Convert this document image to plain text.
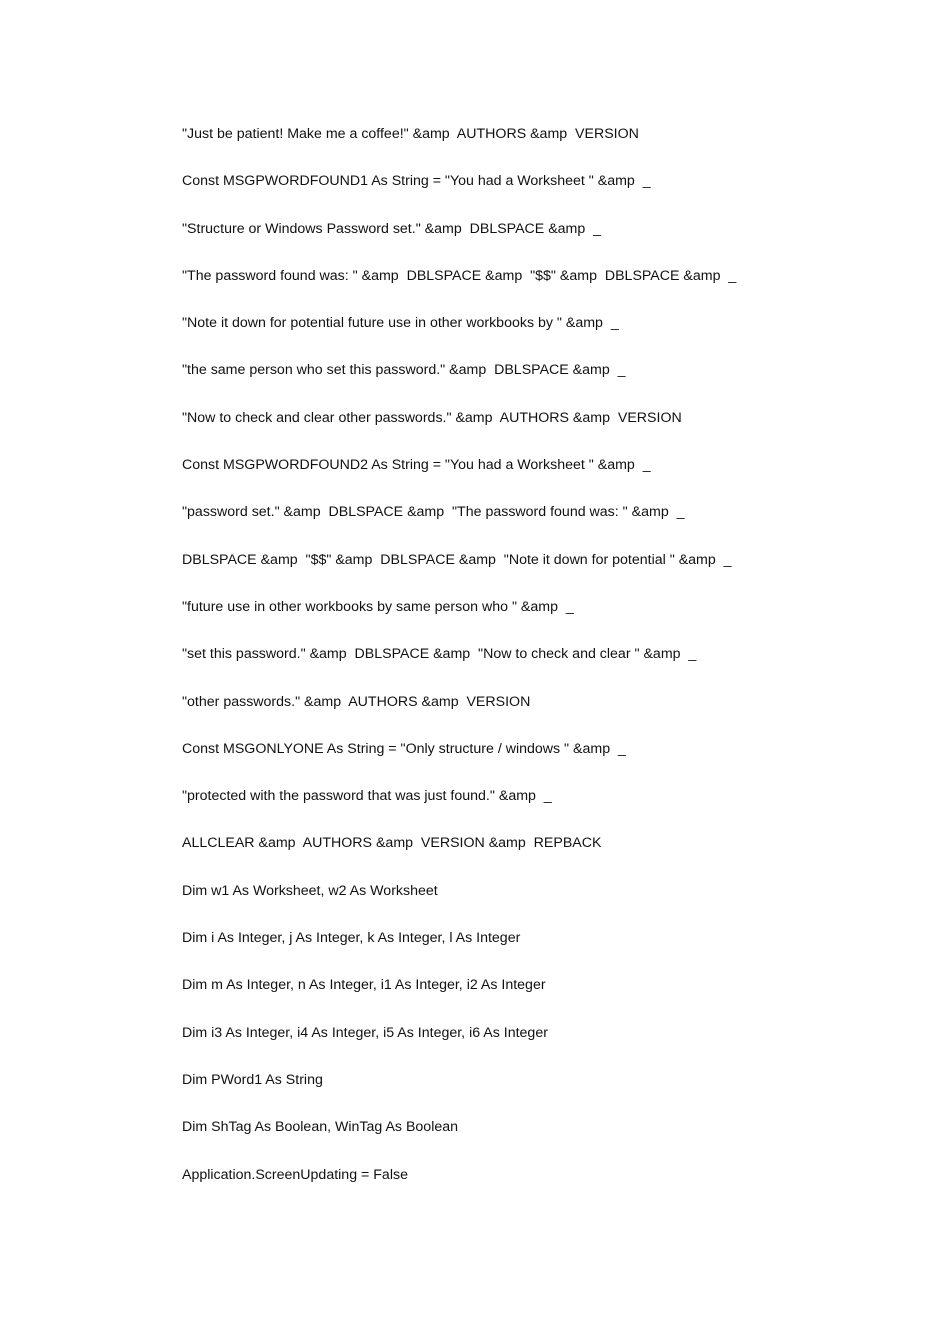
"Just be patient! Make me a coffee!" &amp  AUTHORS &amp  VERSION
Const MSGPWORDFOUND1 As String = "You had a Worksheet " &amp  _
"Structure or Windows Password set." &amp  DBLSPACE &amp  _
"The password found was: " &amp  DBLSPACE &amp  "$$" &amp  DBLSPACE &amp  _
"Note it down for potential future use in other workbooks by " &amp  _
"the same person who set this password." &amp  DBLSPACE &amp  _
"Now to check and clear other passwords." &amp  AUTHORS &amp  VERSION
Const MSGPWORDFOUND2 As String = "You had a Worksheet " &amp  _
"password set." &amp  DBLSPACE &amp  "The password found was: " &amp  _
DBLSPACE &amp  "$$" &amp  DBLSPACE &amp  "Note it down for potential " &amp  _
"future use in other workbooks by same person who " &amp  _
"set this password." &amp  DBLSPACE &amp  "Now to check and clear " &amp  _
"other passwords." &amp  AUTHORS &amp  VERSION
Const MSGONLYONE As String = "Only structure / windows " &amp  _
"protected with the password that was just found." &amp  _
ALLCLEAR &amp  AUTHORS &amp  VERSION &amp  REPBACK
Dim w1 As Worksheet, w2 As Worksheet
Dim i As Integer, j As Integer, k As Integer, l As Integer
Dim m As Integer, n As Integer, i1 As Integer, i2 As Integer
Dim i3 As Integer, i4 As Integer, i5 As Integer, i6 As Integer
Dim PWord1 As String
Dim ShTag As Boolean, WinTag As Boolean
Application.ScreenUpdating = False
